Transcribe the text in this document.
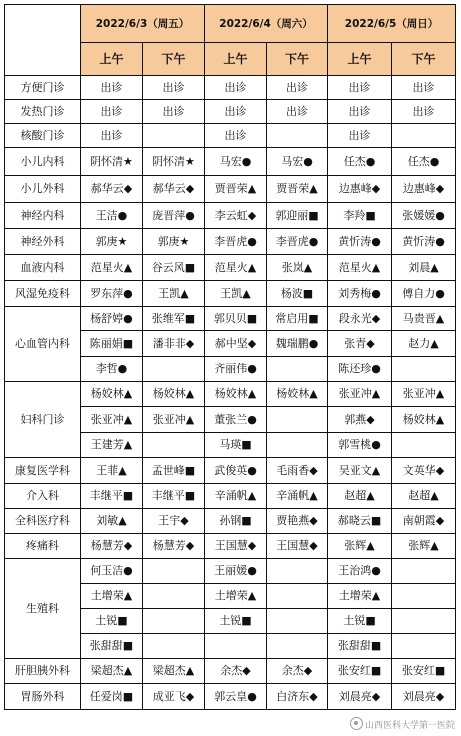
	2022/6/3（周五）		2022/6/4（周六）		2022/6/5（周日）	
	上午	下午	上午	下午	上午	下午
方便门诊	出诊	出诊	出诊	出诊	出诊	出诊
发热门诊	出诊	出诊	出诊	出诊	出诊	出诊
核酸门诊	出诊		出诊		出诊	
小儿内科	阴怀清★	阴怀清★	马宏●	马宏●	任杰●	任杰●
小儿外科	郝华云◆	郝华云◆	贾晋荣▲	贾晋荣▲	边惠峰◆	边惠峰◆
神经内科	王洁●	庞晋萍●	李云虹◆	郭迎丽■	李羚■	张媛媛●
神经外科	郭庚★	郭庚★	李晋虎●	李晋虎●	黄忻涛●	黄忻涛●
血液内科	范星火▲	谷云风■	范星火▲	张岚▲	范星火▲	刘晨▲
风湿免疫科	罗东萍●	王凯▲	王凯▲	杨波■	刘秀梅●	傅自力●
心血管内科	杨舒婷●	张维军■	郭贝贝■	常启用■	段永光◆	马贵晋▲
	陈丽娟■	潘非非◆	郝中坚◆	魏瑞鹏●	张青◆	赵力▲
	李哲●		齐丽伟●		陈还珍●	
妇科门诊	杨姣林▲	杨姣林▲	杨姣林▲	杨姣林▲	张亚冲▲	张亚冲▲
	张亚冲▲	张亚冲▲	董张兰●		郭燕◆	杨姣林▲
	王建芳▲		马瑛■		郭雪桃●	
康复医学科	王菲▲	孟世峰■	武俊英●	毛雨香◆	吴亚文▲	文英华◆
介入科	丰继平■	丰继平■	辛涌帆▲	辛涌帆▲	赵超▲	赵超▲
全科医疗科	刘敏▲	王宇◆	孙钢■	贾艳燕◆	郝晓云■	南朝霞◆
疼痛科	杨慧芳◆	杨慧芳◆	王国慧◆	王国慧◆	张辉▲	张辉▲
生殖科	何玉洁●		王丽媛●		王治鸿●	
	土增荣▲		土增荣▲		土增荣▲	
	土锐■		土锐■		土锐■	
	张甜甜■				张甜甜■	
肝胆胰外科	梁超杰▲	梁超杰▲	余杰◆	余杰◆	张安红■	张安红■
胃肠外科	任爱岗■	成亚飞◆	郭云皇●	白济东◆	刘晨亮◆	刘晨亮◆
山西医科大学第一医院
